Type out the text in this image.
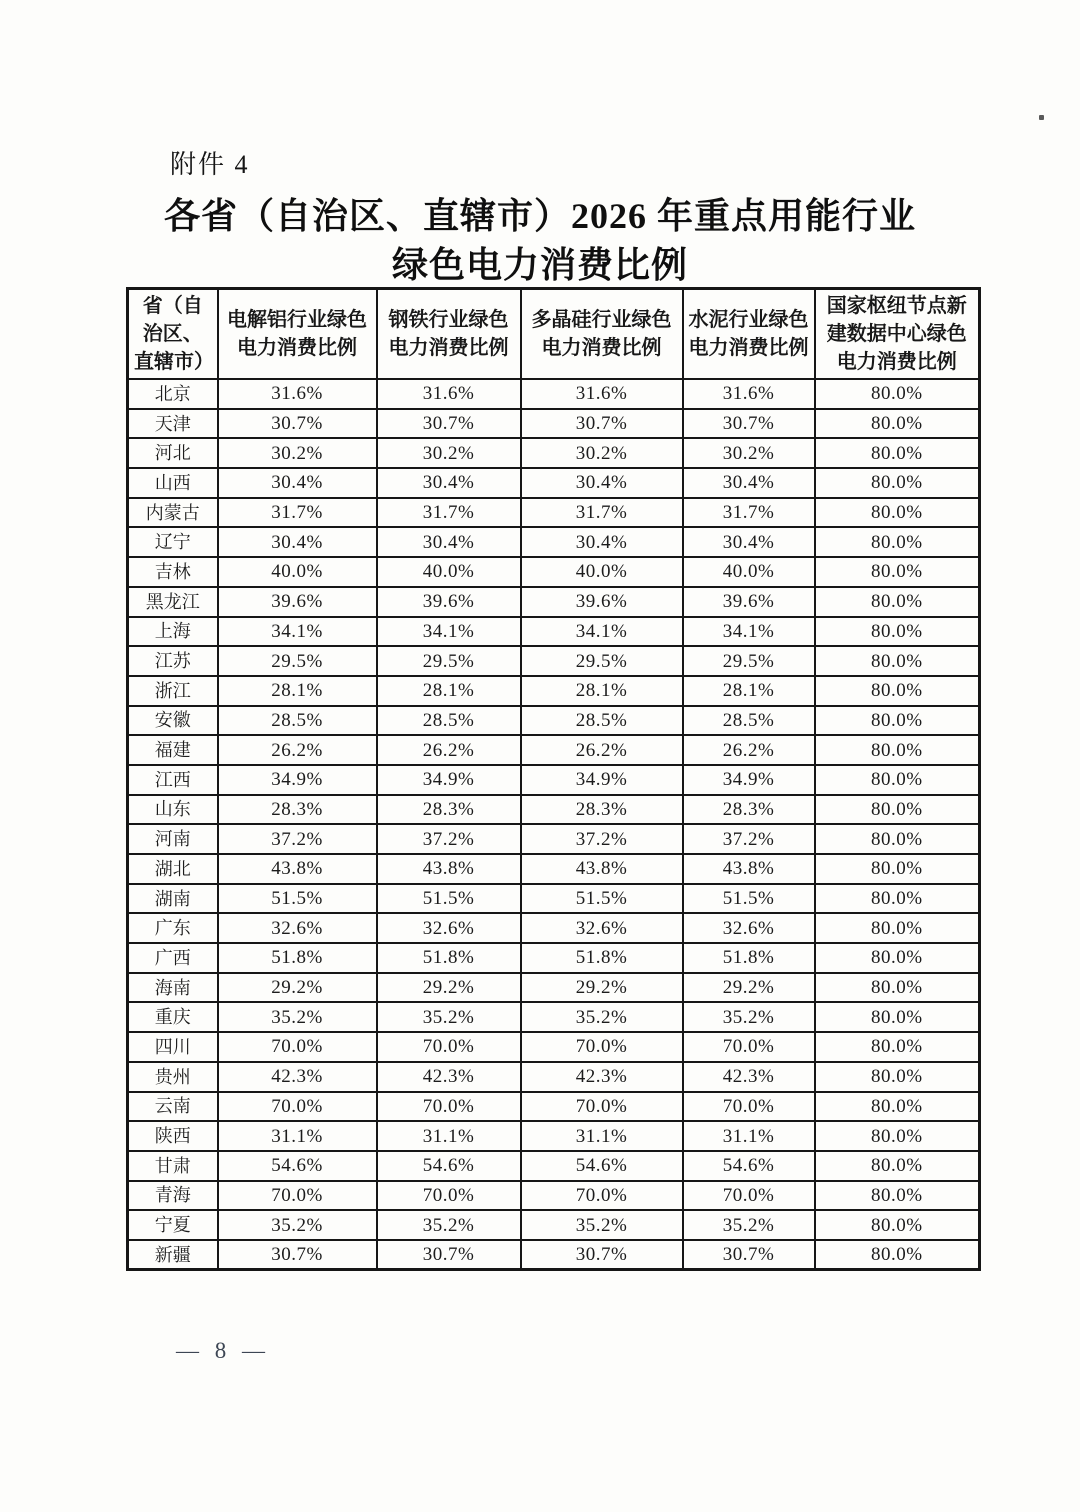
附件 4
各省（自治区、直辖市）2026 年重点用能行业
绿色电力消费比例
省（自治区、直辖市）	电解铝行业绿色电力消费比例	钢铁行业绿色电力消费比例	多晶硅行业绿色电力消费比例	水泥行业绿色电力消费比例	国家枢纽节点新建数据中心绿色电力消费比例
北京	31.6%	31.6%	31.6%	31.6%	80.0%
天津	30.7%	30.7%	30.7%	30.7%	80.0%
河北	30.2%	30.2%	30.2%	30.2%	80.0%
山西	30.4%	30.4%	30.4%	30.4%	80.0%
内蒙古	31.7%	31.7%	31.7%	31.7%	80.0%
辽宁	30.4%	30.4%	30.4%	30.4%	80.0%
吉林	40.0%	40.0%	40.0%	40.0%	80.0%
黑龙江	39.6%	39.6%	39.6%	39.6%	80.0%
上海	34.1%	34.1%	34.1%	34.1%	80.0%
江苏	29.5%	29.5%	29.5%	29.5%	80.0%
浙江	28.1%	28.1%	28.1%	28.1%	80.0%
安徽	28.5%	28.5%	28.5%	28.5%	80.0%
福建	26.2%	26.2%	26.2%	26.2%	80.0%
江西	34.9%	34.9%	34.9%	34.9%	80.0%
山东	28.3%	28.3%	28.3%	28.3%	80.0%
河南	37.2%	37.2%	37.2%	37.2%	80.0%
湖北	43.8%	43.8%	43.8%	43.8%	80.0%
湖南	51.5%	51.5%	51.5%	51.5%	80.0%
广东	32.6%	32.6%	32.6%	32.6%	80.0%
广西	51.8%	51.8%	51.8%	51.8%	80.0%
海南	29.2%	29.2%	29.2%	29.2%	80.0%
重庆	35.2%	35.2%	35.2%	35.2%	80.0%
四川	70.0%	70.0%	70.0%	70.0%	80.0%
贵州	42.3%	42.3%	42.3%	42.3%	80.0%
云南	70.0%	70.0%	70.0%	70.0%	80.0%
陕西	31.1%	31.1%	31.1%	31.1%	80.0%
甘肃	54.6%	54.6%	54.6%	54.6%	80.0%
青海	70.0%	70.0%	70.0%	70.0%	80.0%
宁夏	35.2%	35.2%	35.2%	35.2%	80.0%
新疆	30.7%	30.7%	30.7%	30.7%	80.0%
— 8 —
